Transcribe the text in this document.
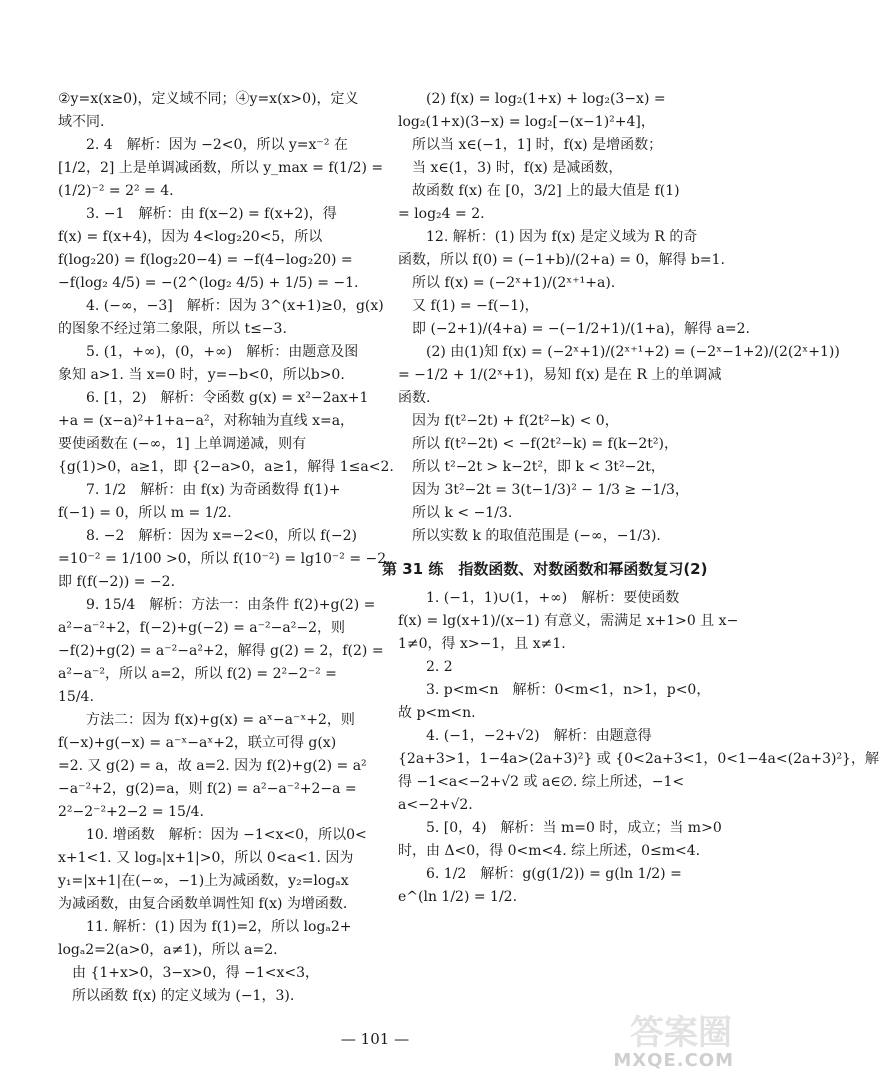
②y=x(x≥0)，定义域不同；④y=x(x>0)，定义
域不同.
2. 4　解析：因为 −2<0，所以 y=x⁻² 在
[1/2，2] 上是单调减函数，所以 y_max = f(1/2) =
(1/2)⁻² = 2² = 4.
3. −1　解析：由 f(x−2) = f(x+2)，得
f(x) = f(x+4)，因为 4<log₂20<5，所以
f(log₂20) = f(log₂20−4) = −f(4−log₂20) =
−f(log₂ 4/5) = −(2^(log₂ 4/5) + 1/5) = −1.
4. (−∞，−3]　解析：因为 3^(x+1)≥0，g(x)
的图象不经过第二象限，所以 t≤−3.
5. (1，+∞)，(0，+∞)　解析：由题意及图
象知 a>1. 当 x=0 时，y=−b<0，所以b>0.
6. [1，2)　解析：令函数 g(x) = x²−2ax+1
+a = (x−a)²+1+a−a²，对称轴为直线 x=a，
要使函数在 (−∞，1] 上单调递减，则有
{g(1)>0，a≥1，即 {2−a>0，a≥1，解得 1≤a<2.
7. 1/2　解析：由 f(x) 为奇函数得 f(1)+
f(−1) = 0，所以 m = 1/2.
8. −2　解析：因为 x=−2<0，所以 f(−2)
=10⁻² = 1/100 >0，所以 f(10⁻²) = lg10⁻² = −2，
即 f(f(−2)) = −2.
9. 15/4　解析：方法一：由条件 f(2)+g(2) =
a²−a⁻²+2，f(−2)+g(−2) = a⁻²−a²−2，则
−f(2)+g(2) = a⁻²−a²+2，解得 g(2) = 2，f(2) =
a²−a⁻²，所以 a=2，所以 f(2) = 2²−2⁻² =
15/4.
方法二：因为 f(x)+g(x) = aˣ−a⁻ˣ+2，则
f(−x)+g(−x) = a⁻ˣ−aˣ+2，联立可得 g(x)
=2. 又 g(2) = a，故 a=2. 因为 f(2)+g(2) = a²
−a⁻²+2，g(2)=a，则 f(2) = a²−a⁻²+2−a =
2²−2⁻²+2−2 = 15/4.
10. 增函数　解析：因为 −1<x<0，所以0<
x+1<1. 又 logₐ|x+1|>0，所以 0<a<1. 因为
y₁=|x+1|在(−∞，−1)上为减函数，y₂=logₐx
为减函数，由复合函数单调性知 f(x) 为增函数.
11. 解析：(1) 因为 f(1)=2，所以 logₐ2+
logₐ2=2(a>0，a≠1)，所以 a=2.
由 {1+x>0，3−x>0，得 −1<x<3，
所以函数 f(x) 的定义域为 (−1，3).
(2) f(x) = log₂(1+x) + log₂(3−x) =
log₂(1+x)(3−x) = log₂[−(x−1)²+4]，
所以当 x∈(−1，1] 时，f(x) 是增函数；
当 x∈(1，3) 时，f(x) 是减函数，
故函数 f(x) 在 [0，3/2] 上的最大值是 f(1)
= log₂4 = 2.
12. 解析：(1) 因为 f(x) 是定义域为 R 的奇
函数，所以 f(0) = (−1+b)/(2+a) = 0，解得 b=1.
所以 f(x) = (−2ˣ+1)/(2ˣ⁺¹+a).
又 f(1) = −f(−1)，
即 (−2+1)/(4+a) = −(−1/2+1)/(1+a)，解得 a=2.
(2) 由(1)知 f(x) = (−2ˣ+1)/(2ˣ⁺¹+2) = (−2ˣ−1+2)/(2(2ˣ+1))
= −1/2 + 1/(2ˣ+1)，易知 f(x) 是在 R 上的单调减
函数.
因为 f(t²−2t) + f(2t²−k) < 0，
所以 f(t²−2t) < −f(2t²−k) = f(k−2t²)，
所以 t²−2t > k−2t²，即 k < 3t²−2t，
因为 3t²−2t = 3(t−1/3)² − 1/3 ≥ −1/3，
所以 k < −1/3.
所以实数 k 的取值范围是 (−∞，−1/3).
第 31 练　指数函数、对数函数和幂函数复习(2)
1. (−1，1)∪(1，+∞)　解析：要使函数
f(x) = lg(x+1)/(x−1) 有意义，需满足 x+1>0 且 x−
1≠0，得 x>−1，且 x≠1.
2. 2
3. p<m<n　解析：0<m<1，n>1，p<0，
故 p<m<n.
4. (−1，−2+√2)　解析：由题意得
{2a+3>1，1−4a>(2a+3)²} 或 {0<2a+3<1，0<1−4a<(2a+3)²}，解
得 −1<a<−2+√2 或 a∈∅. 综上所述，−1<
a<−2+√2.
5. [0，4)　解析：当 m=0 时，成立；当 m>0
时，由 Δ<0，得 0<m<4. 综上所述，0≤m<4.
6. 1/2　解析：g(g(1/2)) = g(ln 1/2) =
e^(ln 1/2) = 1/2.
— 101 —	答案圈
MXQE.COM
